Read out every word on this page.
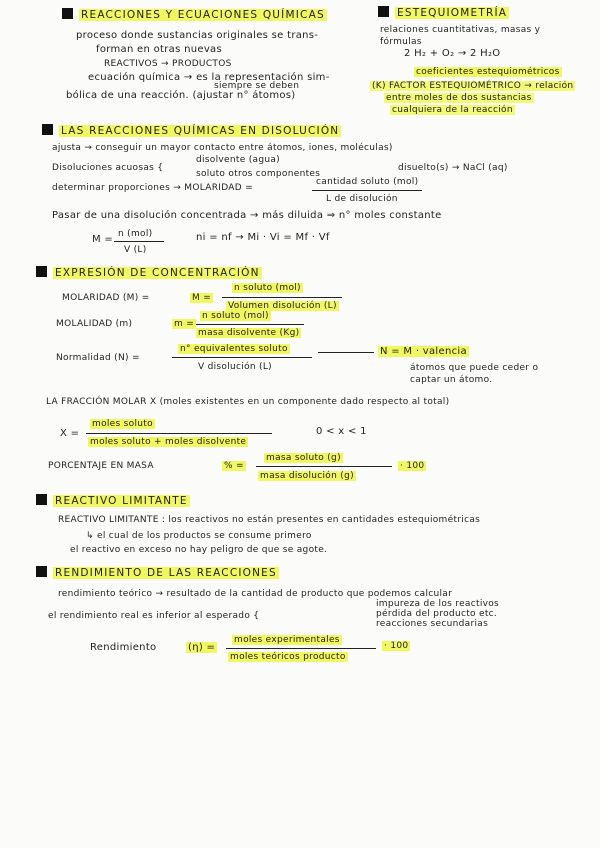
REACCIONES Y ECUACIONES QUÍMICAS
proceso donde sustancias originales se trans-
forman en otras nuevas
REACTIVOS → PRODUCTOS
ecuación química → es la representación sim-
siempre se deben
bólica de una reacción. (ajustar n° átomos)
ESTEQUIOMETRÍA
relaciones cuantitativas, masas y
fórmulas
2 H₂ + O₂ → 2 H₂O
coeficientes estequiométricos
(K) FACTOR ESTEQUIOMÉTRICO → relación
entre moles de dos sustancias
cualquiera de la reacción
LAS REACCIONES QUÍMICAS EN DISOLUCIÓN
ajusta → conseguir un mayor contacto entre átomos, iones, moléculas)
Disoluciones acuosas {
disolvente (agua)
soluto otros componentes
disuelto(s) → NaCl (aq)
determinar proporciones → MOLARIDAD =
cantidad soluto (mol)
L de disolución
Pasar de una disolución concentrada → más diluida ⇒ n° moles constante
M = n (mol)
V (L)
ni = nf → Mi · Vi = Mf · Vf
EXPRESIÓN DE CONCENTRACIÓN
MOLARIDAD (M) =	M =
n soluto (mol)
Volumen disolución (L)
MOLALIDAD (m)	m =
n soluto (mol)
masa disolvente (Kg)
Normalidad (N) =
n° equivalentes soluto
V disolución (L)
N = M · valencia
átomos que puede ceder o
captar un átomo.
LA FRACCIÓN MOLAR X (moles existentes en un componente dado respecto al total)
X =
moles soluto
moles soluto + moles disolvente
0 < x < 1
PORCENTAJE EN MASA	% =
masa soluto (g)
masa disolución (g)
· 100
REACTIVO LIMITANTE
REACTIVO LIMITANTE : los reactivos no están presentes en cantidades estequiométricas
↳ el cual de los productos se consume primero
el reactivo en exceso no hay peligro de que se agote.
RENDIMIENTO DE LAS REACCIONES
rendimiento teórico → resultado de la cantidad de producto que podemos calcular
el rendimiento real es inferior al esperado {
impureza de los reactivos
pérdida del producto etc.
reacciones secundarias
Rendimiento	(η) =
moles experimentales
moles teóricos producto
· 100
